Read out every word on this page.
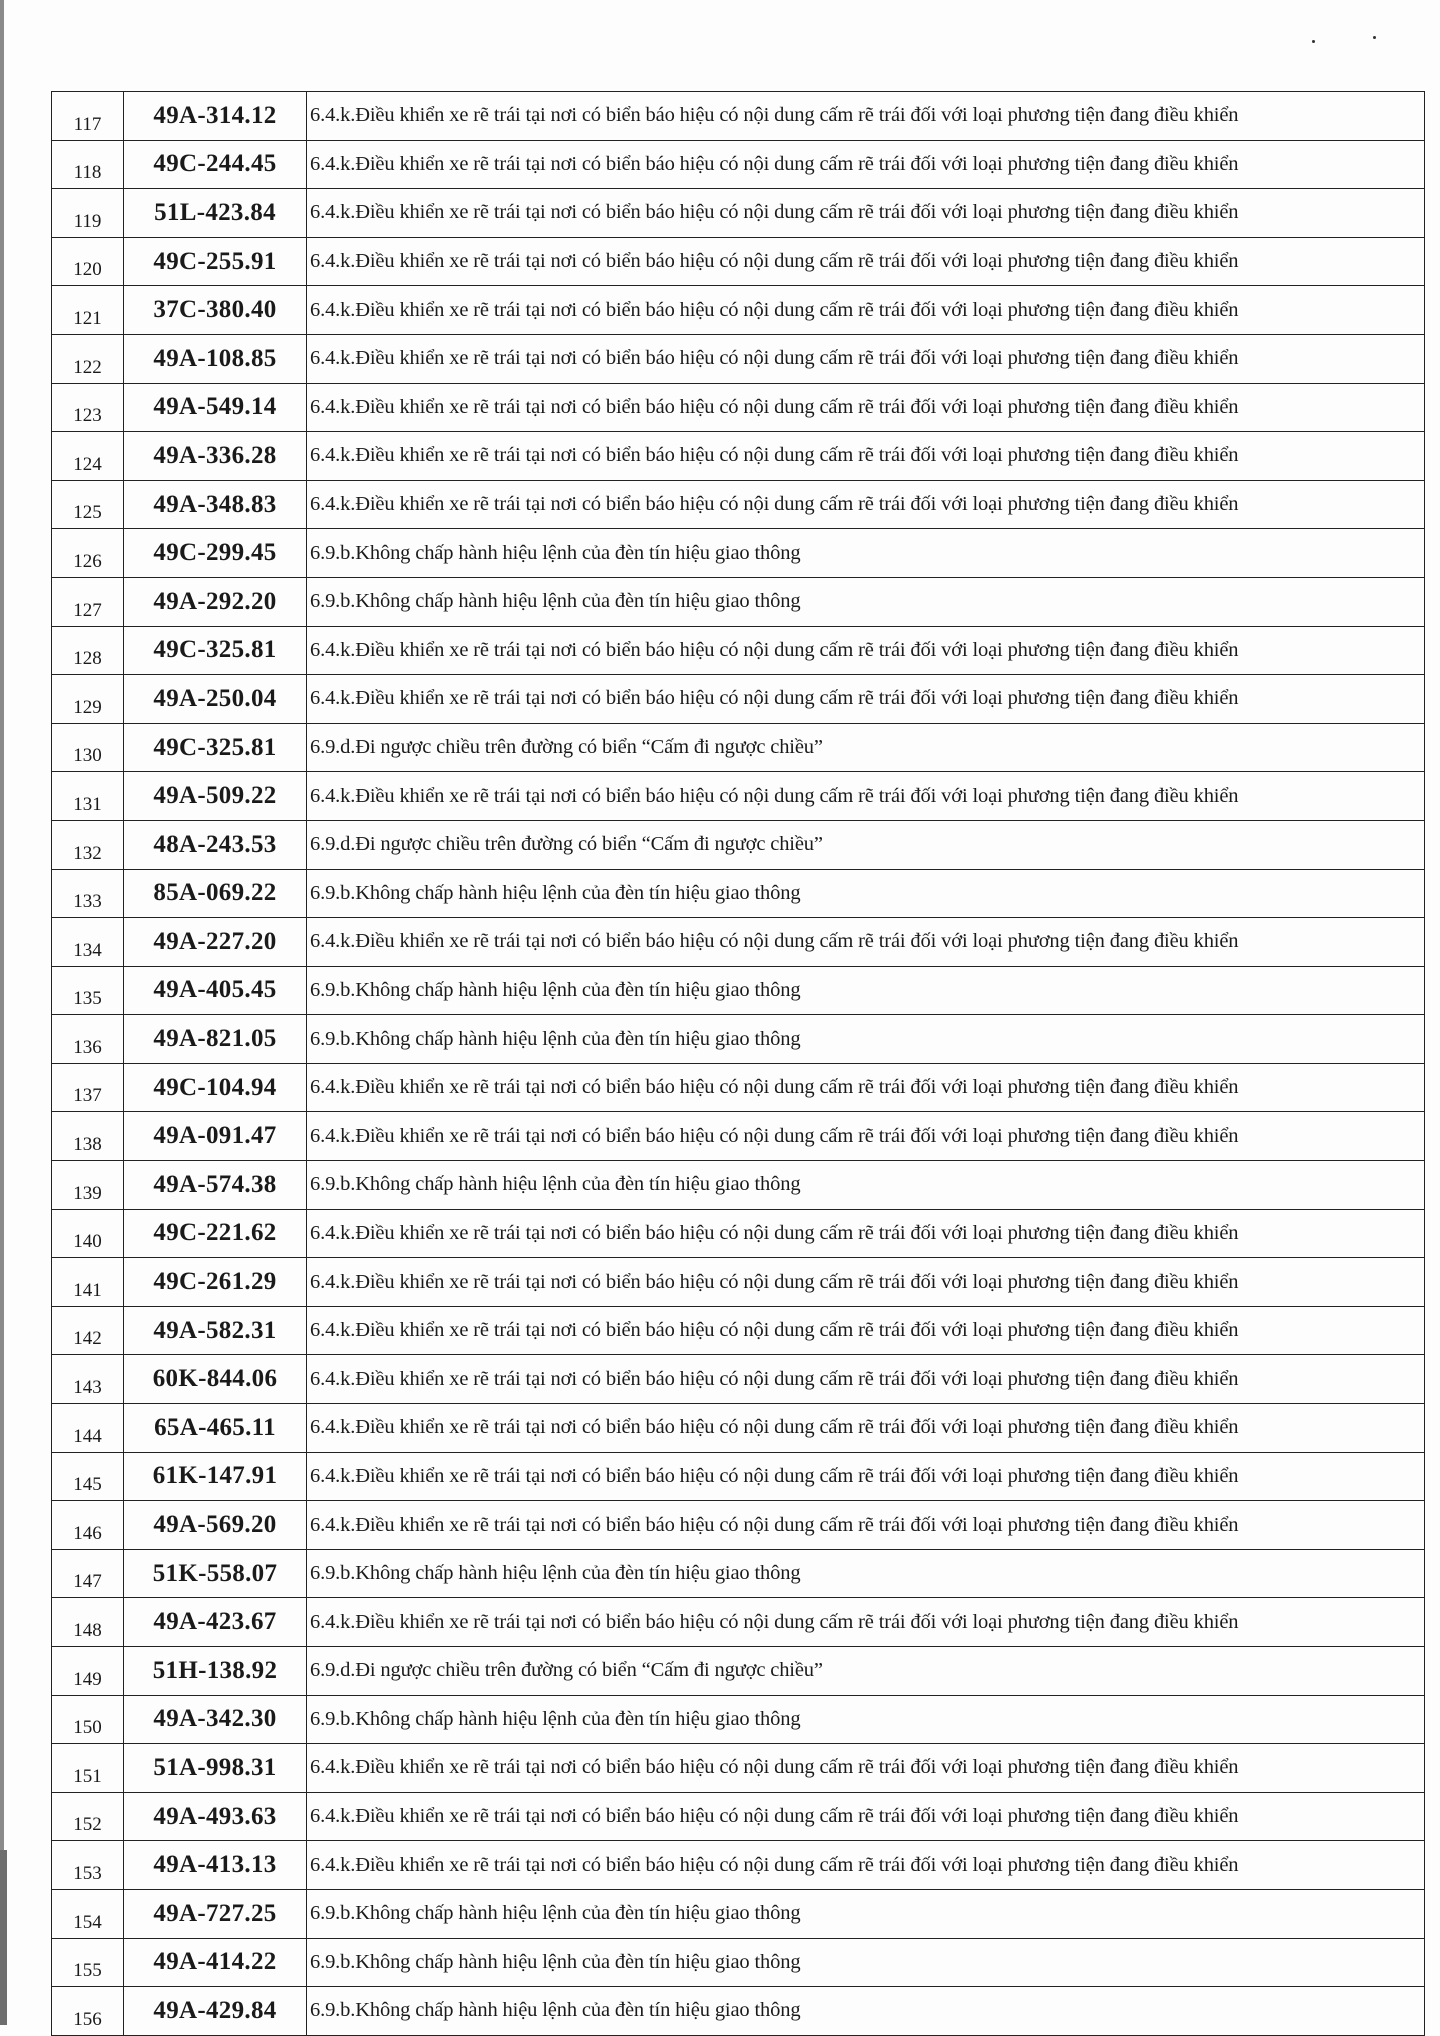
117	49A-314.12	6.4.k.Điều khiển xe rẽ trái tại nơi có biển báo hiệu có nội dung cấm rẽ trái đối với loại phương tiện đang điều khiển
118	49C-244.45	6.4.k.Điều khiển xe rẽ trái tại nơi có biển báo hiệu có nội dung cấm rẽ trái đối với loại phương tiện đang điều khiển
119	51L-423.84	6.4.k.Điều khiển xe rẽ trái tại nơi có biển báo hiệu có nội dung cấm rẽ trái đối với loại phương tiện đang điều khiển
120	49C-255.91	6.4.k.Điều khiển xe rẽ trái tại nơi có biển báo hiệu có nội dung cấm rẽ trái đối với loại phương tiện đang điều khiển
121	37C-380.40	6.4.k.Điều khiển xe rẽ trái tại nơi có biển báo hiệu có nội dung cấm rẽ trái đối với loại phương tiện đang điều khiển
122	49A-108.85	6.4.k.Điều khiển xe rẽ trái tại nơi có biển báo hiệu có nội dung cấm rẽ trái đối với loại phương tiện đang điều khiển
123	49A-549.14	6.4.k.Điều khiển xe rẽ trái tại nơi có biển báo hiệu có nội dung cấm rẽ trái đối với loại phương tiện đang điều khiển
124	49A-336.28	6.4.k.Điều khiển xe rẽ trái tại nơi có biển báo hiệu có nội dung cấm rẽ trái đối với loại phương tiện đang điều khiển
125	49A-348.83	6.4.k.Điều khiển xe rẽ trái tại nơi có biển báo hiệu có nội dung cấm rẽ trái đối với loại phương tiện đang điều khiển
126	49C-299.45	6.9.b.Không chấp hành hiệu lệnh của đèn tín hiệu giao thông
127	49A-292.20	6.9.b.Không chấp hành hiệu lệnh của đèn tín hiệu giao thông
128	49C-325.81	6.4.k.Điều khiển xe rẽ trái tại nơi có biển báo hiệu có nội dung cấm rẽ trái đối với loại phương tiện đang điều khiển
129	49A-250.04	6.4.k.Điều khiển xe rẽ trái tại nơi có biển báo hiệu có nội dung cấm rẽ trái đối với loại phương tiện đang điều khiển
130	49C-325.81	6.9.d.Đi ngược chiều trên đường có biển “Cấm đi ngược chiều”
131	49A-509.22	6.4.k.Điều khiển xe rẽ trái tại nơi có biển báo hiệu có nội dung cấm rẽ trái đối với loại phương tiện đang điều khiển
132	48A-243.53	6.9.d.Đi ngược chiều trên đường có biển “Cấm đi ngược chiều”
133	85A-069.22	6.9.b.Không chấp hành hiệu lệnh của đèn tín hiệu giao thông
134	49A-227.20	6.4.k.Điều khiển xe rẽ trái tại nơi có biển báo hiệu có nội dung cấm rẽ trái đối với loại phương tiện đang điều khiển
135	49A-405.45	6.9.b.Không chấp hành hiệu lệnh của đèn tín hiệu giao thông
136	49A-821.05	6.9.b.Không chấp hành hiệu lệnh của đèn tín hiệu giao thông
137	49C-104.94	6.4.k.Điều khiển xe rẽ trái tại nơi có biển báo hiệu có nội dung cấm rẽ trái đối với loại phương tiện đang điều khiển
138	49A-091.47	6.4.k.Điều khiển xe rẽ trái tại nơi có biển báo hiệu có nội dung cấm rẽ trái đối với loại phương tiện đang điều khiển
139	49A-574.38	6.9.b.Không chấp hành hiệu lệnh của đèn tín hiệu giao thông
140	49C-221.62	6.4.k.Điều khiển xe rẽ trái tại nơi có biển báo hiệu có nội dung cấm rẽ trái đối với loại phương tiện đang điều khiển
141	49C-261.29	6.4.k.Điều khiển xe rẽ trái tại nơi có biển báo hiệu có nội dung cấm rẽ trái đối với loại phương tiện đang điều khiển
142	49A-582.31	6.4.k.Điều khiển xe rẽ trái tại nơi có biển báo hiệu có nội dung cấm rẽ trái đối với loại phương tiện đang điều khiển
143	60K-844.06	6.4.k.Điều khiển xe rẽ trái tại nơi có biển báo hiệu có nội dung cấm rẽ trái đối với loại phương tiện đang điều khiển
144	65A-465.11	6.4.k.Điều khiển xe rẽ trái tại nơi có biển báo hiệu có nội dung cấm rẽ trái đối với loại phương tiện đang điều khiển
145	61K-147.91	6.4.k.Điều khiển xe rẽ trái tại nơi có biển báo hiệu có nội dung cấm rẽ trái đối với loại phương tiện đang điều khiển
146	49A-569.20	6.4.k.Điều khiển xe rẽ trái tại nơi có biển báo hiệu có nội dung cấm rẽ trái đối với loại phương tiện đang điều khiển
147	51K-558.07	6.9.b.Không chấp hành hiệu lệnh của đèn tín hiệu giao thông
148	49A-423.67	6.4.k.Điều khiển xe rẽ trái tại nơi có biển báo hiệu có nội dung cấm rẽ trái đối với loại phương tiện đang điều khiển
149	51H-138.92	6.9.d.Đi ngược chiều trên đường có biển “Cấm đi ngược chiều”
150	49A-342.30	6.9.b.Không chấp hành hiệu lệnh của đèn tín hiệu giao thông
151	51A-998.31	6.4.k.Điều khiển xe rẽ trái tại nơi có biển báo hiệu có nội dung cấm rẽ trái đối với loại phương tiện đang điều khiển
152	49A-493.63	6.4.k.Điều khiển xe rẽ trái tại nơi có biển báo hiệu có nội dung cấm rẽ trái đối với loại phương tiện đang điều khiển
153	49A-413.13	6.4.k.Điều khiển xe rẽ trái tại nơi có biển báo hiệu có nội dung cấm rẽ trái đối với loại phương tiện đang điều khiển
154	49A-727.25	6.9.b.Không chấp hành hiệu lệnh của đèn tín hiệu giao thông
155	49A-414.22	6.9.b.Không chấp hành hiệu lệnh của đèn tín hiệu giao thông
156	49A-429.84	6.9.b.Không chấp hành hiệu lệnh của đèn tín hiệu giao thông
